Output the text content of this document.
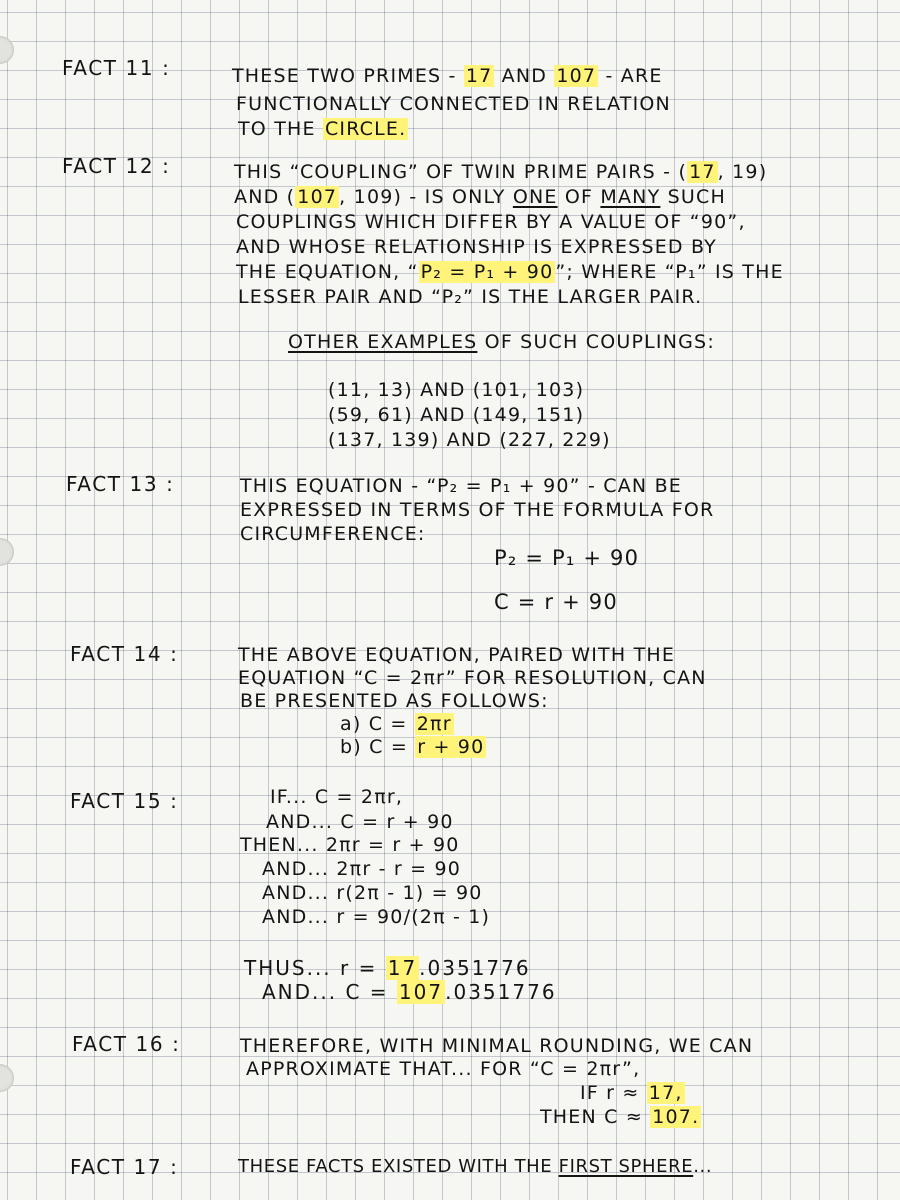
FACT 11 :	THESE TWO PRIMES - 17 AND 107 - ARE
FUNCTIONALLY CONNECTED IN RELATION
TO THE CIRCLE.
FACT 12 :	THIS “COUPLING” OF TWIN PRIME PAIRS - ( 17 , 19)
AND ( 107 , 109) - IS ONLY ONE OF MANY SUCH
COUPLINGS WHICH DIFFER BY A VALUE OF “90”,
AND WHOSE RELATIONSHIP IS EXPRESSED BY
THE EQUATION, “ P₂ = P₁ + 90 ”; WHERE “P₁” IS THE
LESSER PAIR AND “P₂” IS THE LARGER PAIR.
OTHER EXAMPLES OF SUCH COUPLINGS:
(11, 13) AND (101, 103)
(59, 61) AND (149, 151)
(137, 139) AND (227, 229)
FACT 13 :	THIS EQUATION - “P₂ = P₁ + 90” - CAN BE
EXPRESSED IN TERMS OF THE FORMULA FOR
CIRCUMFERENCE:
P₂ = P₁ + 90
C = r + 90
FACT 14 :	THE ABOVE EQUATION, PAIRED WITH THE
EQUATION “C = 2πr” FOR RESOLUTION, CAN
BE PRESENTED AS FOLLOWS:
a) C = 2πr
b) C = r + 90
FACT 15 :	IF... C = 2πr,
AND... C = r + 90
THEN... 2πr = r + 90
AND... 2πr - r = 90
AND... r(2π - 1) = 90
AND... r = 90/(2π - 1)
THUS... r = 17 .0351776
AND... C = 107 .0351776
FACT 16 :	THEREFORE, WITH MINIMAL ROUNDING, WE CAN
APPROXIMATE THAT... FOR “C = 2πr”,
IF r ≈ 17,
THEN C ≈ 107.
FACT 17 :	THESE FACTS EXISTED WITH THE FIRST SPHERE...
